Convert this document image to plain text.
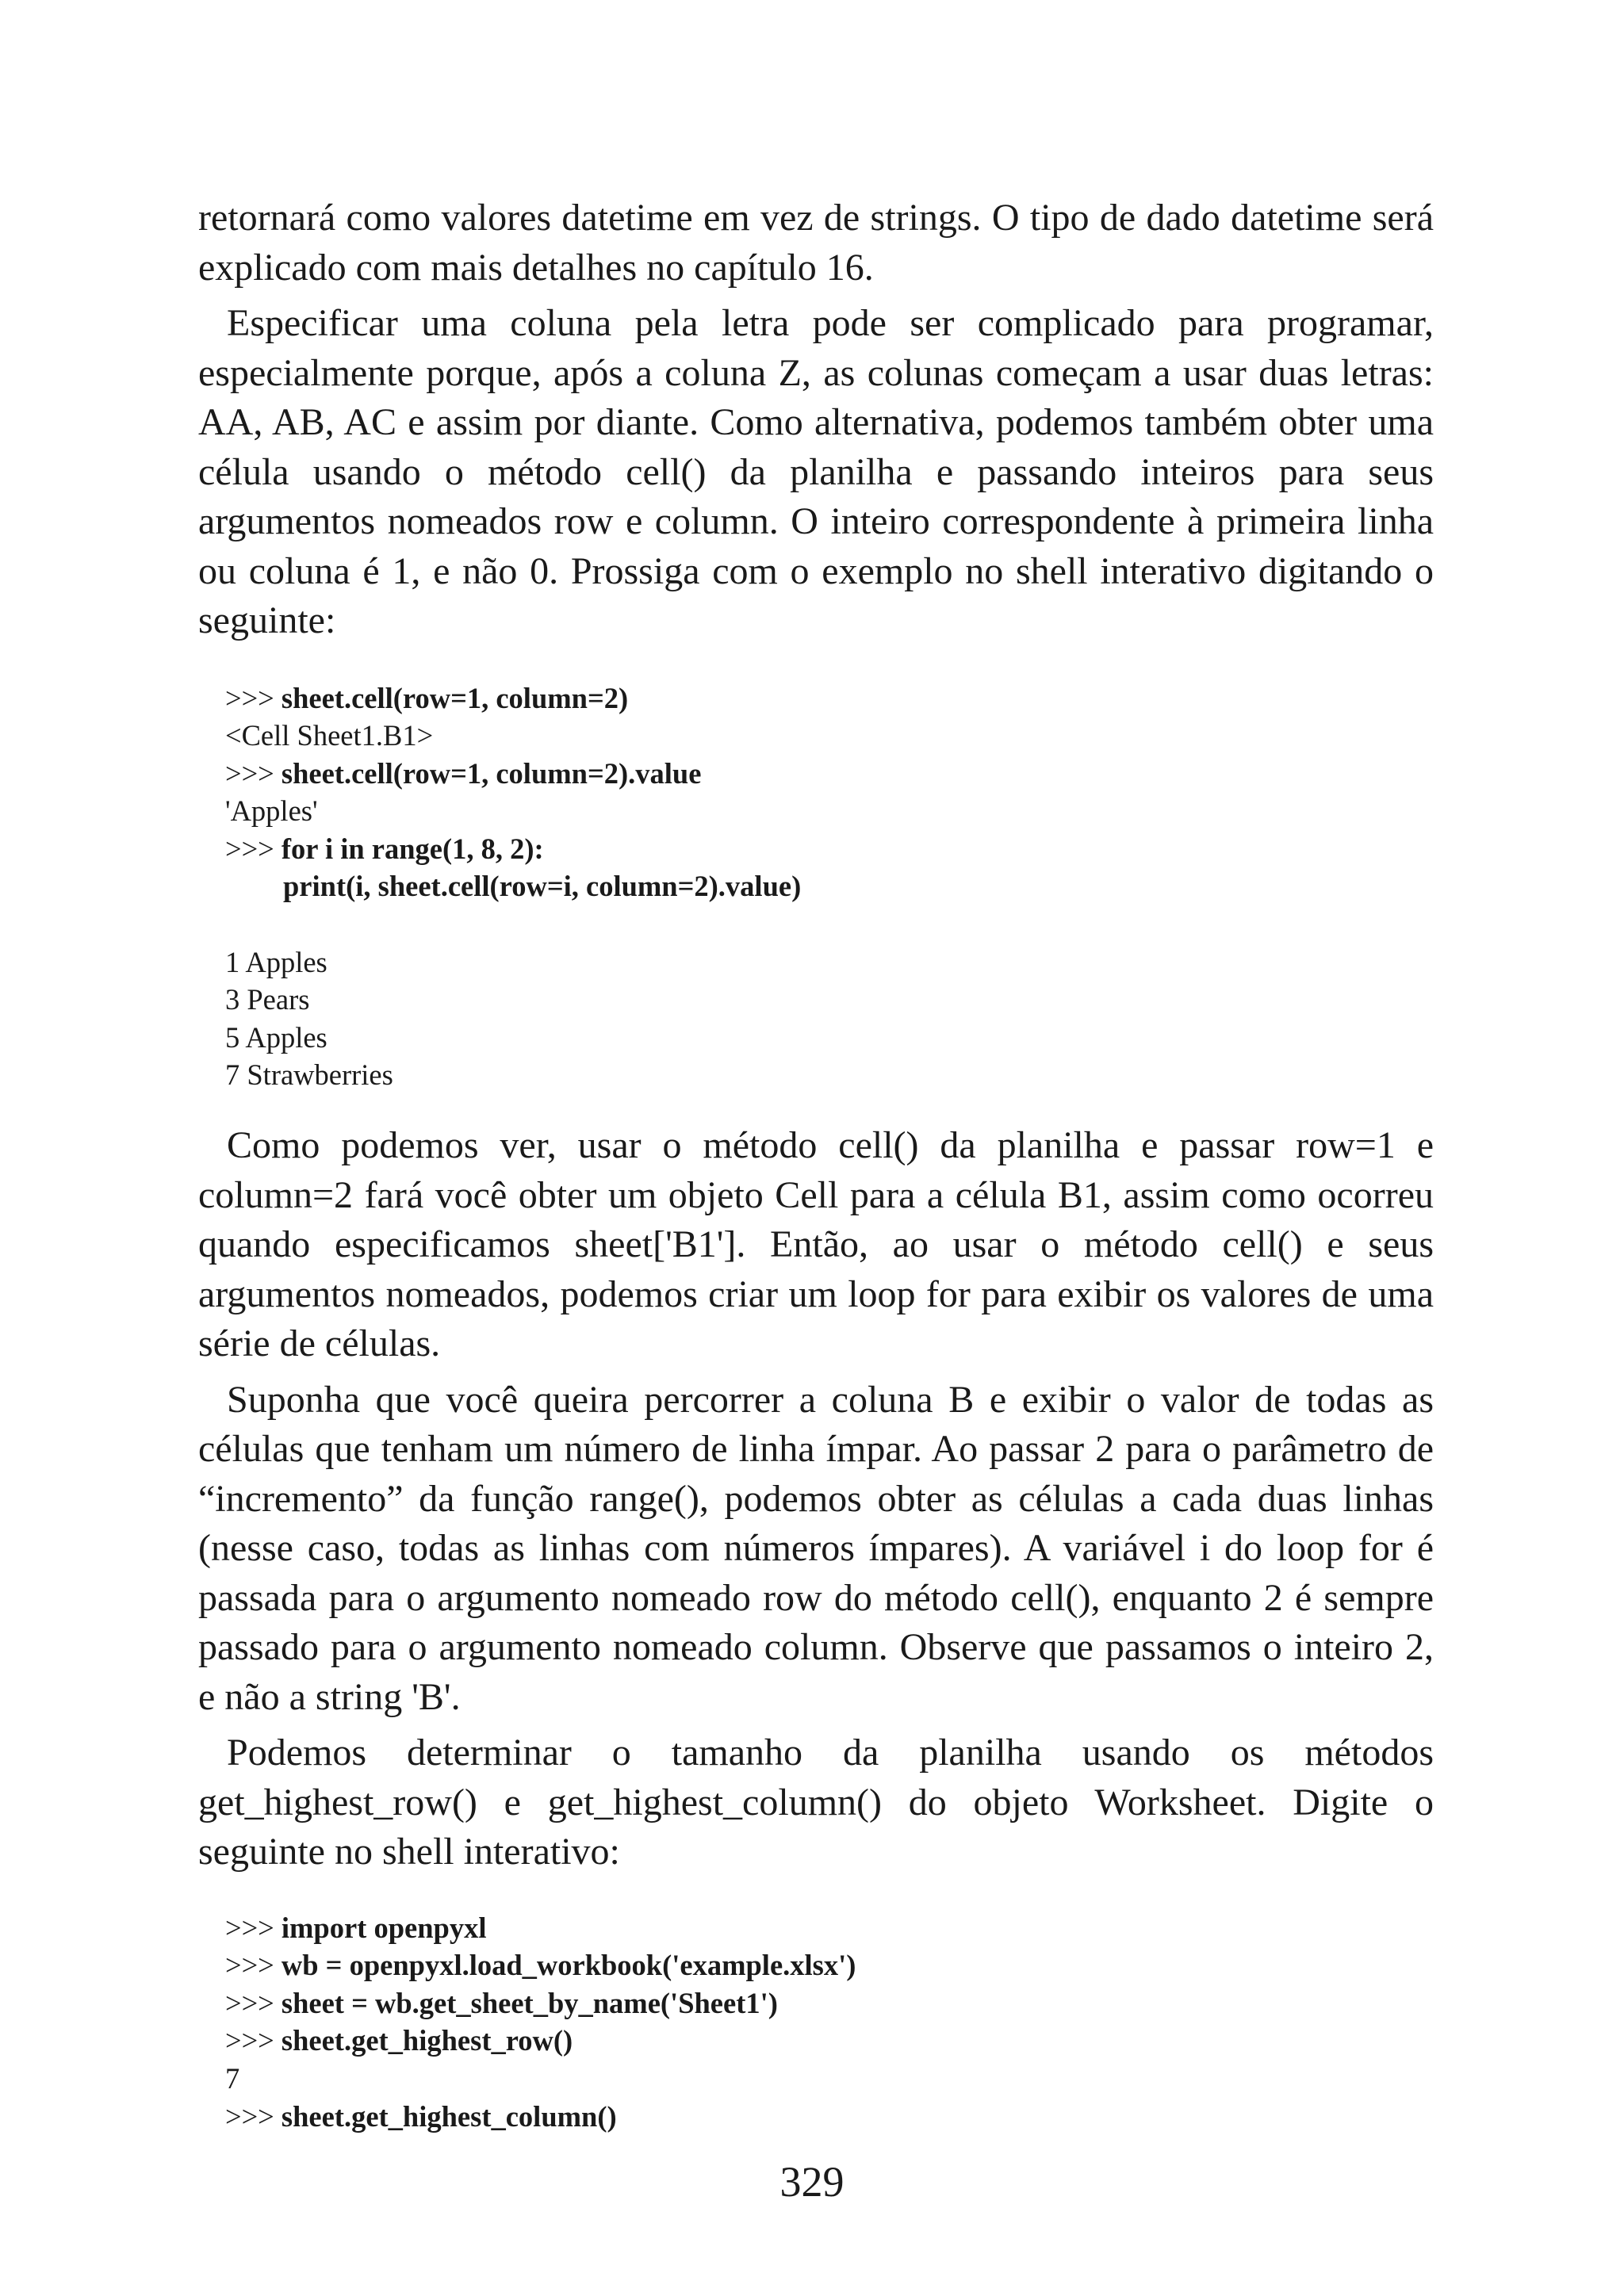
retornará como valores datetime em vez de strings. O tipo de dado datetime será explicado com mais detalhes no capítulo 16.

Especificar uma coluna pela letra pode ser complicado para programar, especialmente porque, após a coluna Z, as colunas começam a usar duas letras: AA, AB, AC e assim por diante. Como alternativa, podemos também obter uma célula usando o método cell() da planilha e passando inteiros para seus argumentos nomeados row e column. O inteiro correspondente à primeira linha ou coluna é 1, e não 0. Prossiga com o exemplo no shell interativo digitando o seguinte:

>>> sheet.cell(row=1, column=2)
<Cell Sheet1.B1>
>>> sheet.cell(row=1, column=2).value
'Apples'
>>> for i in range(1, 8, 2):
print(i, sheet.cell(row=i, column=2).value)
1 Apples
3 Pears
5 Apples
7 Strawberries

Como podemos ver, usar o método cell() da planilha e passar row=1 e column=2 fará você obter um objeto Cell para a célula B1, assim como ocorreu quando especificamos sheet['B1']. Então, ao usar o método cell() e seus argumentos nomeados, podemos criar um loop for para exibir os valores de uma série de células.

Suponha que você queira percorrer a coluna B e exibir o valor de todas as células que tenham um número de linha ímpar. Ao passar 2 para o parâmetro de “incremento” da função range(), podemos obter as células a cada duas linhas (nesse caso, todas as linhas com números ímpares). A variável i do loop for é passada para o argumento nomeado row do método cell(), enquanto 2 é sempre passado para o argumento nomeado column. Observe que passamos o inteiro 2, e não a string 'B'.

Podemos determinar o tamanho da planilha usando os métodos get_highest_row() e get_highest_column() do objeto Worksheet. Digite o seguinte no shell interativo:

>>> import openpyxl
>>> wb = openpyxl.load_workbook('example.xlsx')
>>> sheet = wb.get_sheet_by_name('Sheet1')
>>> sheet.get_highest_row()
7
>>> sheet.get_highest_column()
329
